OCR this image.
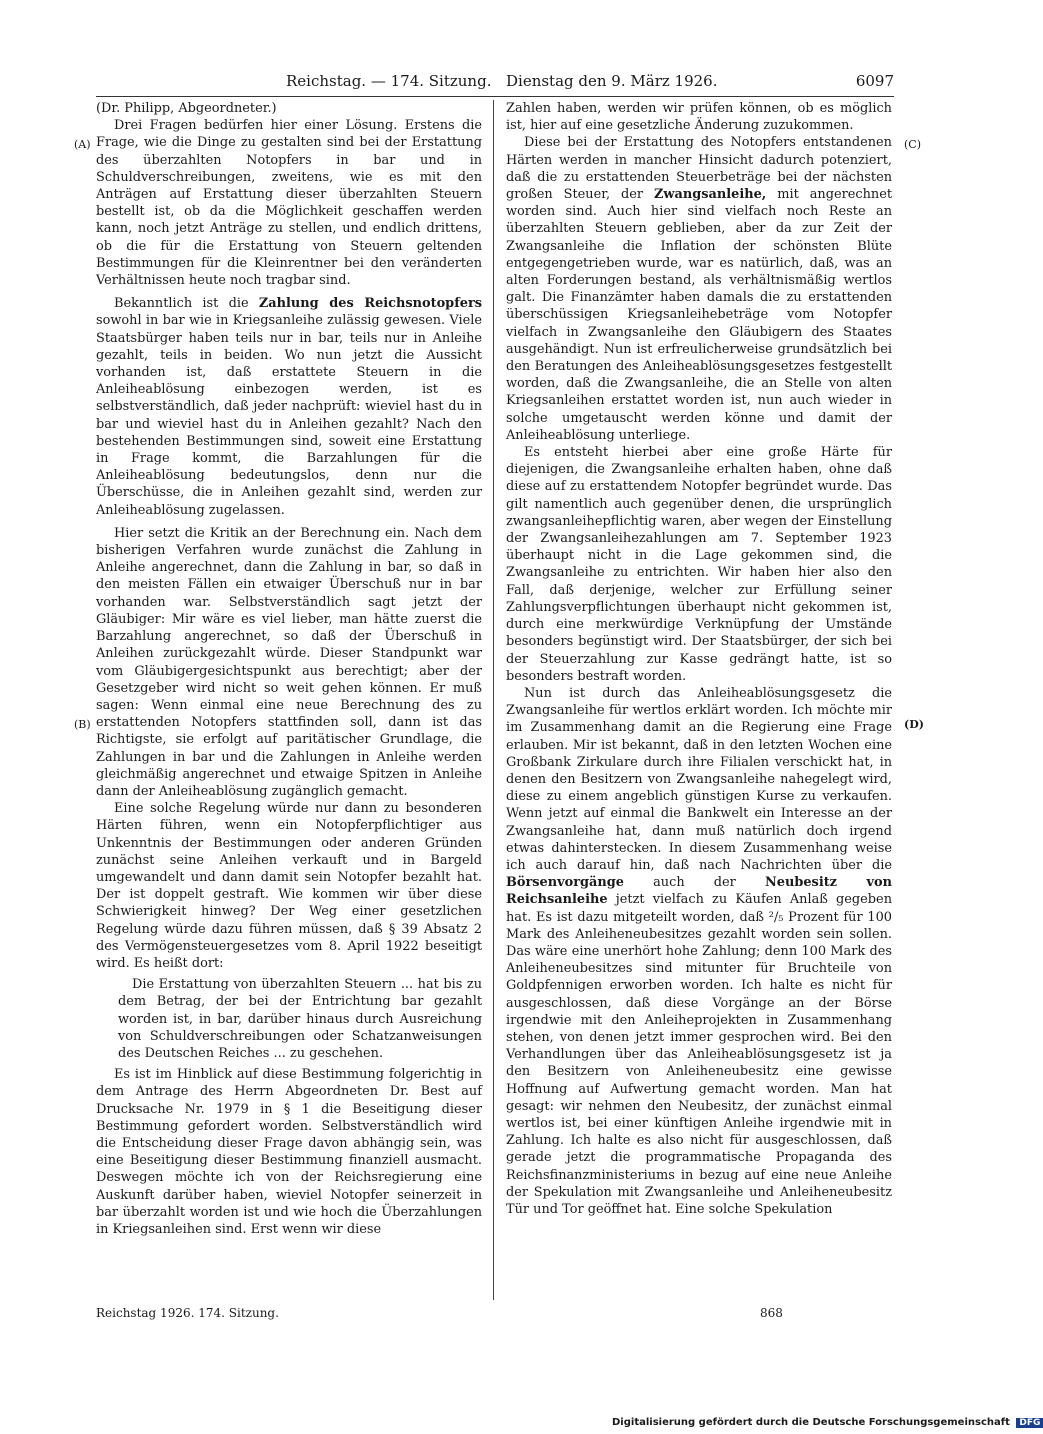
Reichstag. — 174. Sitzung. Dienstag den 9. März 1926.	6097
(A)
(B)
(C)
(D)

(Dr. Philipp, Abgeordneter.)

Drei Fragen bedürfen hier einer Lösung. Erstens die Frage, wie die Dinge zu gestalten sind bei der Erstattung des überzahlten Notopfers in bar und in Schuldverschreibungen, zweitens, wie es mit den Anträgen auf Erstattung dieser überzahlten Steuern bestellt ist, ob da die Möglichkeit geschaffen werden kann, noch jetzt Anträge zu stellen, und endlich drittens, ob die für die Erstattung von Steuern geltenden Bestimmungen für die Kleinrentner bei den veränderten Verhältnissen heute noch tragbar sind.

Bekanntlich ist die Zahlung des Reichsnotopfers sowohl in bar wie in Kriegsanleihe zulässig gewesen. Viele Staatsbürger haben teils nur in bar, teils nur in Anleihe gezahlt, teils in beiden. Wo nun jetzt die Aussicht vorhanden ist, daß erstattete Steuern in die Anleiheablösung einbezogen werden, ist es selbstverständlich, daß jeder nachprüft: wieviel hast du in bar und wieviel hast du in Anleihen gezahlt? Nach den bestehenden Bestimmungen sind, soweit eine Erstattung in Frage kommt, die Barzahlungen für die Anleiheablösung bedeutungslos, denn nur die Überschüsse, die in Anleihen gezahlt sind, werden zur Anleiheablösung zugelassen.

Hier setzt die Kritik an der Berechnung ein. Nach dem bisherigen Verfahren wurde zunächst die Zahlung in Anleihe angerechnet, dann die Zahlung in bar, so daß in den meisten Fällen ein etwaiger Überschuß nur in bar vorhanden war. Selbstverständlich sagt jetzt der Gläubiger: Mir wäre es viel lieber, man hätte zuerst die Barzahlung angerechnet, so daß der Überschuß in Anleihen zurückgezahlt würde. Dieser Standpunkt war vom Gläubigergesichtspunkt aus berechtigt; aber der Gesetzgeber wird nicht so weit gehen können. Er muß sagen: Wenn einmal eine neue Berechnung des zu erstattenden Notopfers stattfinden soll, dann ist das Richtigste, sie erfolgt auf paritätischer Grundlage, die Zahlungen in bar und die Zahlungen in Anleihe werden gleichmäßig angerechnet und etwaige Spitzen in Anleihe dann der Anleiheablösung zugänglich gemacht.

Eine solche Regelung würde nur dann zu besonderen Härten führen, wenn ein Notopferpflichtiger aus Unkenntnis der Bestimmungen oder anderen Gründen zunächst seine Anleihen verkauft und in Bargeld umgewandelt und dann damit sein Notopfer bezahlt hat. Der ist doppelt gestraft. Wie kommen wir über diese Schwierigkeit hinweg? Der Weg einer gesetzlichen Regelung würde dazu führen müssen, daß § 39 Absatz 2 des Vermögensteuergesetzes vom 8. April 1922 beseitigt wird. Es heißt dort:

Die Erstattung von überzahlten Steuern ... hat bis zu dem Betrag, der bei der Entrichtung bar gezahlt worden ist, in bar, darüber hinaus durch Ausreichung von Schuldverschreibungen oder Schatzanweisungen des Deutschen Reiches ... zu geschehen.

Es ist im Hinblick auf diese Bestimmung folgerichtig in dem Antrage des Herrn Abgeordneten Dr. Best auf Drucksache Nr. 1979 in § 1 die Beseitigung dieser Bestimmung gefordert worden. Selbstverständlich wird die Entscheidung dieser Frage davon abhängig sein, was eine Beseitigung dieser Bestimmung finanziell ausmacht. Deswegen möchte ich von der Reichsregierung eine Auskunft darüber haben, wieviel Notopfer seinerzeit in bar überzahlt worden ist und wie hoch die Überzahlungen in Kriegsanleihen sind. Erst wenn wir diese

Zahlen haben, werden wir prüfen können, ob es möglich ist, hier auf eine gesetzliche Änderung zuzukommen.

Diese bei der Erstattung des Notopfers entstandenen Härten werden in mancher Hinsicht dadurch potenziert, daß die zu erstattenden Steuerbeträge bei der nächsten großen Steuer, der Zwangsanleihe, mit angerechnet worden sind. Auch hier sind vielfach noch Reste an überzahlten Steuern geblieben, aber da zur Zeit der Zwangsanleihe die Inflation der schönsten Blüte entgegengetrieben wurde, war es natürlich, daß, was an alten Forderungen bestand, als verhältnismäßig wertlos galt. Die Finanzämter haben damals die zu erstattenden überschüssigen Kriegsanleihebeträge vom Notopfer vielfach in Zwangsanleihe den Gläubigern des Staates ausgehändigt. Nun ist erfreulicherweise grundsätzlich bei den Beratungen des Anleiheablösungsgesetzes festgestellt worden, daß die Zwangsanleihe, die an Stelle von alten Kriegsanleihen erstattet worden ist, nun auch wieder in solche umgetauscht werden könne und damit der Anleiheablösung unterliege.

Es entsteht hierbei aber eine große Härte für diejenigen, die Zwangsanleihe erhalten haben, ohne daß diese auf zu erstattendem Notopfer begründet wurde. Das gilt namentlich auch gegenüber denen, die ursprünglich zwangsanleihepflichtig waren, aber wegen der Einstellung der Zwangsanleihezahlungen am 7. September 1923 überhaupt nicht in die Lage gekommen sind, die Zwangsanleihe zu entrichten. Wir haben hier also den Fall, daß derjenige, welcher zur Erfüllung seiner Zahlungsverpflichtungen überhaupt nicht gekommen ist, durch eine merkwürdige Verknüpfung der Umstände besonders begünstigt wird. Der Staatsbürger, der sich bei der Steuerzahlung zur Kasse gedrängt hatte, ist so besonders bestraft worden.

Nun ist durch das Anleiheablösungsgesetz die Zwangsanleihe für wertlos erklärt worden. Ich möchte mir im Zusammenhang damit an die Regierung eine Frage erlauben. Mir ist bekannt, daß in den letzten Wochen eine Großbank Zirkulare durch ihre Filialen verschickt hat, in denen den Besitzern von Zwangsanleihe nahegelegt wird, diese zu einem angeblich günstigen Kurse zu verkaufen. Wenn jetzt auf einmal die Bankwelt ein Interesse an der Zwangsanleihe hat, dann muß natürlich doch irgend etwas dahinterstecken. In diesem Zusammenhang weise ich auch darauf hin, daß nach Nachrichten über die Börsenvorgänge auch der Neubesitz von Reichsanleihe jetzt vielfach zu Käufen Anlaß gegeben hat. Es ist dazu mitgeteilt worden, daß ²/₅ Prozent für 100 Mark des Anleiheneubesitzes gezahlt worden sein sollen. Das wäre eine unerhört hohe Zahlung; denn 100 Mark des Anleiheneubesitzes sind mitunter für Bruchteile von Goldpfennigen erworben worden. Ich halte es nicht für ausgeschlossen, daß diese Vorgänge an der Börse irgendwie mit den Anleiheprojekten in Zusammenhang stehen, von denen jetzt immer gesprochen wird. Bei den Verhandlungen über das Anleiheablösungsgesetz ist ja den Besitzern von Anleiheneubesitz eine gewisse Hoffnung auf Aufwertung gemacht worden. Man hat gesagt: wir nehmen den Neubesitz, der zunächst einmal wertlos ist, bei einer künftigen Anleihe irgendwie mit in Zahlung. Ich halte es also nicht für ausgeschlossen, daß gerade jetzt die programmatische Propaganda des Reichsfinanzministeriums in bezug auf eine neue Anleihe der Spekulation mit Zwangsanleihe und Anleiheneubesitz Tür und Tor geöffnet hat. Eine solche Spekulation

Reichstag 1926. 174. Sitzung.	868
Digitalisierung gefördert durch die Deutsche Forschungsgemeinschaft DFG
